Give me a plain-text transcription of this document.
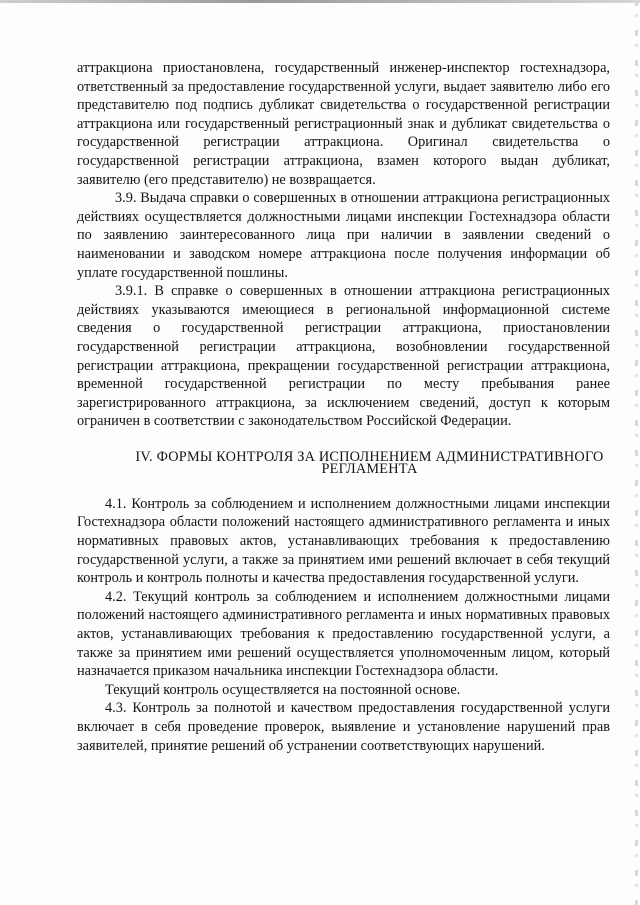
аттракциона приостановлена, государственный инженер-инспектор гостехнадзора, ответственный за предоставление государственной услуги, выдает заявителю либо его представителю под подпись дубликат свидетельства о государственной регистрации аттракциона или государственный регистрационный знак и дубликат свидетельства о государственной регистрации аттракциона. Оригинал свидетельства о государственной регистрации аттракциона, взамен которого выдан дубликат, заявителю (его представителю) не возвращается.

3.9. Выдача справки о совершенных в отношении аттракциона регистрационных действиях осуществляется должностными лицами инспекции Гостехнадзора области по заявлению заинтересованного лица при наличии в заявлении сведений о наименовании и заводском номере аттракциона после получения информации об уплате государственной пошлины.

3.9.1. В справке о совершенных в отношении аттракциона регистрационных действиях указываются имеющиеся в региональной информационной системе сведения о государственной регистрации аттракциона, приостановлении государственной регистрации аттракциона, возобновлении государственной регистрации аттракциона, прекращении государственной регистрации аттракциона, временной государственной регистрации по месту пребывания ранее зарегистрированного аттракциона, за исключением сведений, доступ к которым ограничен в соответствии с законодательством Российской Федерации.

IV. ФОРМЫ КОНТРОЛЯ ЗА ИСПОЛНЕНИЕМ АДМИНИСТРАТИВНОГО
РЕГЛАМЕНТА

4.1. Контроль за соблюдением и исполнением должностными лицами инспекции Гостехнадзора области положений настоящего административного регламента и иных нормативных правовых актов, устанавливающих требования к предоставлению государственной услуги, а также за принятием ими решений включает в себя текущий контроль и контроль полноты и качества предоставления государственной услуги.

4.2. Текущий контроль за соблюдением и исполнением должностными лицами положений настоящего административного регламента и иных нормативных правовых актов, устанавливающих требования к предоставлению государственной услуги, а также за принятием ими решений осуществляется уполномоченным лицом, который назначается приказом начальника инспекции Гостехнадзора области.

Текущий контроль осуществляется на постоянной основе.

4.3. Контроль за полнотой и качеством предоставления государственной услуги включает в себя проведение проверок, выявление и установление нарушений прав заявителей, принятие решений об устранении соответствующих нарушений.
